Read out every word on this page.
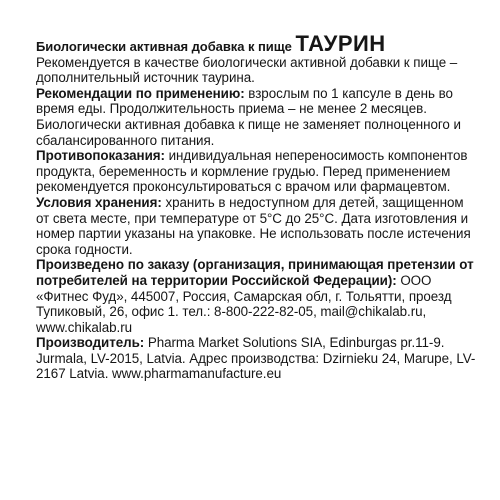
Биологически активная добавка к пище ТАУРИН

Рекомендуется в качестве биологически активной добавки к пище – дополнительный источник таурина.

Рекомендации по применению: взрослым по 1 капсуле в день во время еды. Продолжительность приема – не менее 2 месяцев. Биологически активная добавка к пище не заменяет полноценного и сбалансированного питания.

Противопоказания: индивидуальная непереносимость компонентов продукта, беременность и кормление грудью. Перед применением рекомендуется проконсультироваться с врачом или фармацевтом.

Условия хранения: хранить в недоступном для детей, защищенном от света месте, при температуре от 5°С до 25°С. Дата изготовления и номер партии указаны на упаковке. Не использовать после истечения срока годности.

Произведено по заказу (организация, принимающая претензии от потребителей на территории Российской Федерации): ООО «Фитнес Фуд», 445007, Россия, Самарская обл, г. Тольятти, проезд Тупиковый, 26, офис 1. тел.: 8-800-222-82-05, mail@chikalab.ru, www.chikalab.ru

Производитель: Pharma Market Solutions SIA, Edinburgas pr.11-9. Jurmala, LV-2015, Latvia. Адрес производства: Dzirnieku 24, Marupe, LV-2167 Latvia. www.pharmamanufacture.eu
